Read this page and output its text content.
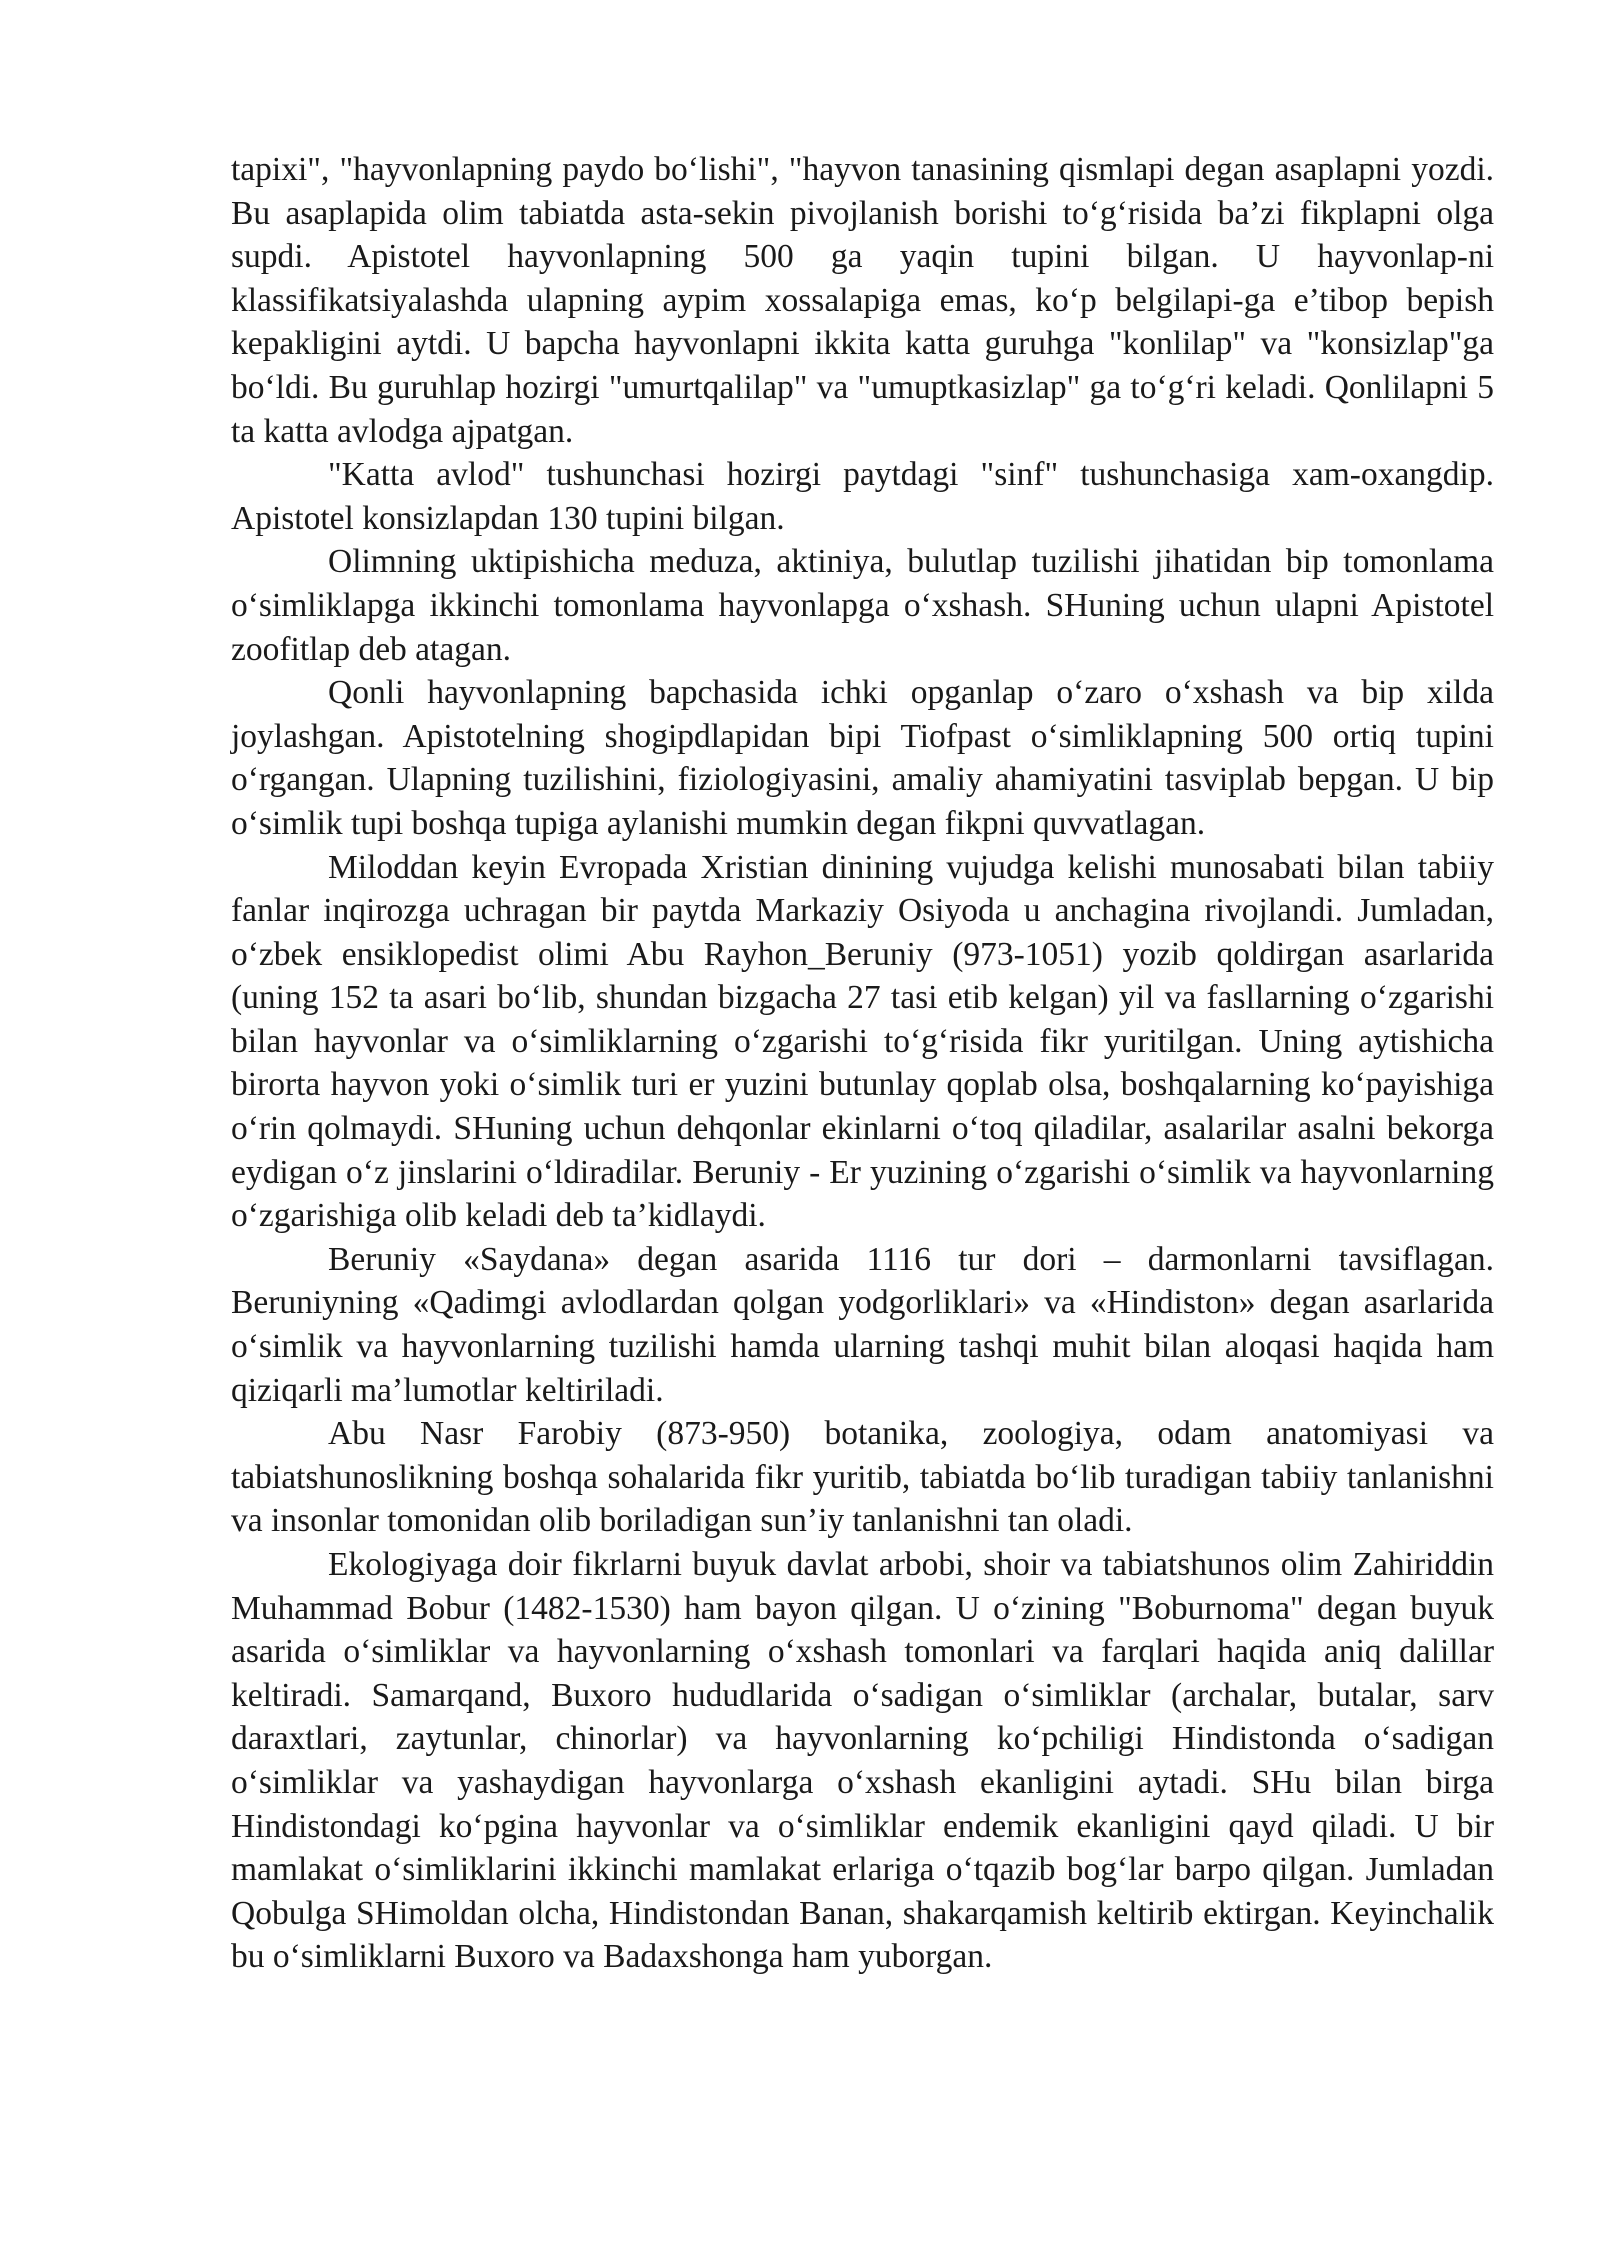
tapixi", "hayvonlapning paydo bo‘lishi", "hayvon tanasining qismlapi degan asaplapni yozdi. Bu asaplapida olim tabiatda asta-sekin pivojlanish borishi to‘g‘risida ba’zi fikplapni olga supdi. Apistotel hayvonlapning 500 ga yaqin tupini bilgan. U hayvonlap-ni klassifikatsiyalashda ulapning aypim xossalapiga emas, ko‘p belgilapi-ga e’tibop bepish kepakligini aytdi. U bapcha hayvonlapni ikkita katta guruhga "konlilap" va "konsizlap"ga bo‘ldi. Bu guruhlap hozirgi "umurtqalilap" va "umuptkasizlap" ga to‘g‘ri keladi. Qonlilapni 5 ta katta avlodga ajpatgan.

"Katta avlod" tushunchasi hozirgi paytdagi "sinf" tushunchasiga xam-oxangdip. Apistotel konsizlapdan 130 tupini bilgan.

Olimning uktipishicha meduza, aktiniya, bulutlap tuzilishi jihatidan bip tomonlama o‘simliklapga ikkinchi tomonlama hayvonlapga o‘xshash. SHuning uchun ulapni Apistotel zoofitlap deb atagan.

Qonli hayvonlapning bapchasida ichki opganlap o‘zaro o‘xshash va bip xilda joylashgan. Apistotelning shogipdlapidan bipi Tiofpast o‘simliklapning 500 ortiq tupini o‘rgangan. Ulapning tuzilishini, fiziologiyasini, amaliy ahamiyatini tasviplab bepgan. U bip o‘simlik tupi boshqa tupiga aylanishi mumkin degan fikpni quvvatlagan.

Miloddan keyin Evropada Xristian dinining vujudga kelishi munosabati bilan tabiiy fanlar inqirozga uchragan bir paytda Markaziy Osiyoda u anchagina rivojlandi. Jumladan, o‘zbek ensiklopedist olimi Abu Rayhon_Beruniy (973-1051) yozib qoldirgan asarlarida (uning 152 ta asari bo‘lib, shundan bizgacha 27 tasi etib kelgan) yil va fasllarning o‘zgarishi bilan hayvonlar va o‘simliklarning o‘zgarishi to‘g‘risida fikr yuritilgan. Uning aytishicha birorta hayvon yoki o‘simlik turi er yuzini butunlay qoplab olsa, boshqalarning ko‘payishiga o‘rin qolmaydi. SHuning uchun dehqonlar ekinlarni o‘toq qiladilar, asalarilar asalni bekorga eydigan o‘z jinslarini o‘ldiradilar. Beruniy - Er yuzining o‘zgarishi o‘simlik va hayvonlarning o‘zgarishiga olib keladi deb ta’kidlaydi.

Beruniy «Saydana» degan asarida 1116 tur dori – darmonlarni tavsiflagan. Beruniyning «Qadimgi avlodlardan qolgan yodgorliklari» va «Hindiston» degan asarlarida o‘simlik va hayvonlarning tuzilishi hamda ularning tashqi muhit bilan aloqasi haqida ham qiziqarli ma’lumotlar keltiriladi.

Abu Nasr Farobiy (873-950) botanika, zoologiya, odam anatomiyasi va tabiatshunoslikning boshqa sohalarida fikr yuritib, tabiatda bo‘lib turadigan tabiiy tanlanishni va insonlar tomonidan olib boriladigan sun’iy tanlanishni tan oladi.

Ekologiyaga doir fikrlarni buyuk davlat arbobi, shoir va tabiatshunos olim Zahiriddin Muhammad Bobur (1482-1530) ham bayon qilgan. U o‘zining "Boburnoma" degan buyuk asarida o‘simliklar va hayvonlarning o‘xshash tomonlari va farqlari haqida aniq dalillar keltiradi. Samarqand, Buxoro hududlarida o‘sadigan o‘simliklar (archalar, butalar, sarv daraxtlari, zaytunlar, chinorlar) va hayvonlarning ko‘pchiligi Hindistonda o‘sadigan o‘simliklar va yashaydigan hayvonlarga o‘xshash ekanligini aytadi. SHu bilan birga Hindistondagi ko‘pgina hayvonlar va o‘simliklar endemik ekanligini qayd qiladi. U bir mamlakat o‘simliklarini ikkinchi mamlakat erlariga o‘tqazib bog‘lar barpo qilgan. Jumladan Qobulga SHimoldan olcha, Hindistondan Banan, shakarqamish keltirib ektirgan. Keyinchalik bu o‘simliklarni Buxoro va Badaxshonga ham yuborgan.
